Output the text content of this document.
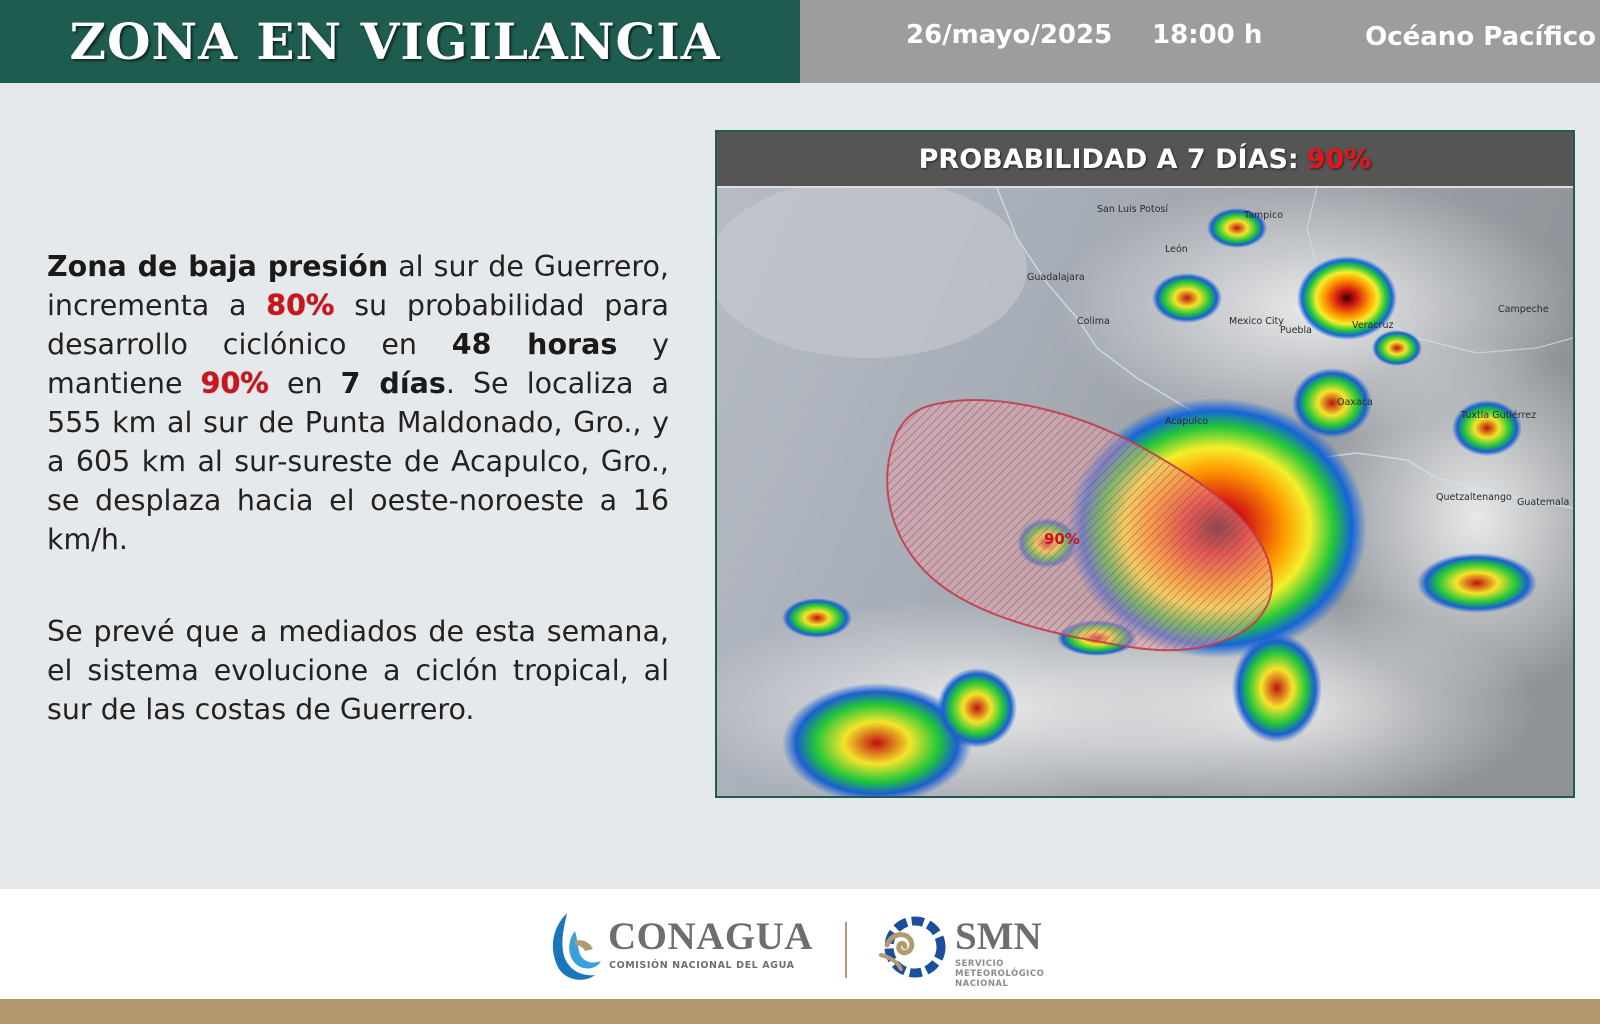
ZONA EN VIGILANCIA	26/mayo/2025 18:00 h	Océano Pacífico
Zona de baja presión al sur de Guerrero, incrementa a 80% su probabilidad para desarrollo ciclónico en 48 horas y mantiene 90% en 7 días. Se localiza a 555 km al sur de Punta Maldonado, Gro., y a 605 km al sur-sureste de Acapulco, Gro., se desplaza hacia el oeste-noroeste a 16 km/h.
Se prevé que a mediados de esta semana, el sistema evolucione a ciclón tropical, al sur de las costas de Guerrero.
PROBABILIDAD A 7 DÍAS: 90%
90%
San Luis Potosí
Tampico
León
Guadalajara
Colima	Mexico City
Puebla	Veracruz
Campeche
Oaxaca
Acapulco
Tuxtla Gutiérrez
Quetzaltenango Guatemala
CONAGUA
COMISIÓN NACIONAL DEL AGUA
SMN
SERVICIO METEOROLÓGICO NACIONAL
